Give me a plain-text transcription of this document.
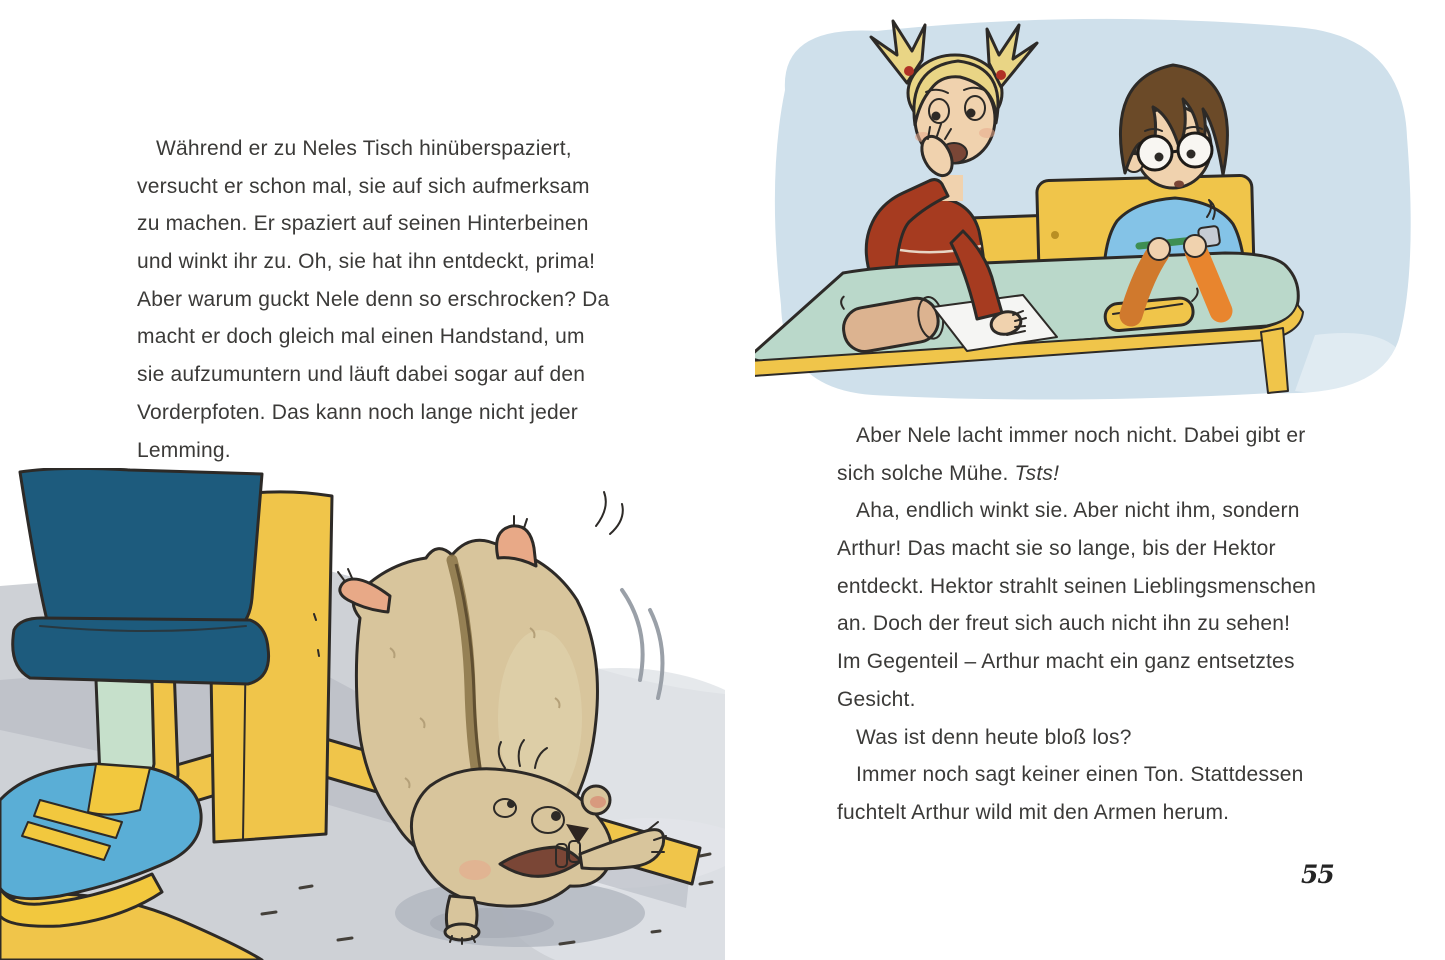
Während er zu Neles Tisch hinüberspaziert,
versucht er schon mal, sie auf sich aufmerksam
zu machen. Er spaziert auf seinen Hinterbeinen
und winkt ihr zu. Oh, sie hat ihn entdeckt, prima!
Aber warum guckt Nele denn so erschrocken? Da
macht er doch gleich mal einen Handstand, um
sie aufzumuntern und läuft dabei sogar auf den
Vorderpfoten. Das kann noch lange nicht jeder
Lemming.
Aber Nele lacht immer noch nicht. Dabei gibt er
sich solche Mühe. Tsts!
Aha, endlich winkt sie. Aber nicht ihm, sondern
Arthur! Das macht sie so lange, bis der Hektor
entdeckt. Hektor strahlt seinen Lieblingsmenschen
an. Doch der freut sich auch nicht ihn zu sehen!
Im Gegenteil – Arthur macht ein ganz entsetztes
Gesicht.
Was ist denn heute bloß los?
Immer noch sagt keiner einen Ton. Stattdessen
fuchtelt Arthur wild mit den Armen herum.
55
